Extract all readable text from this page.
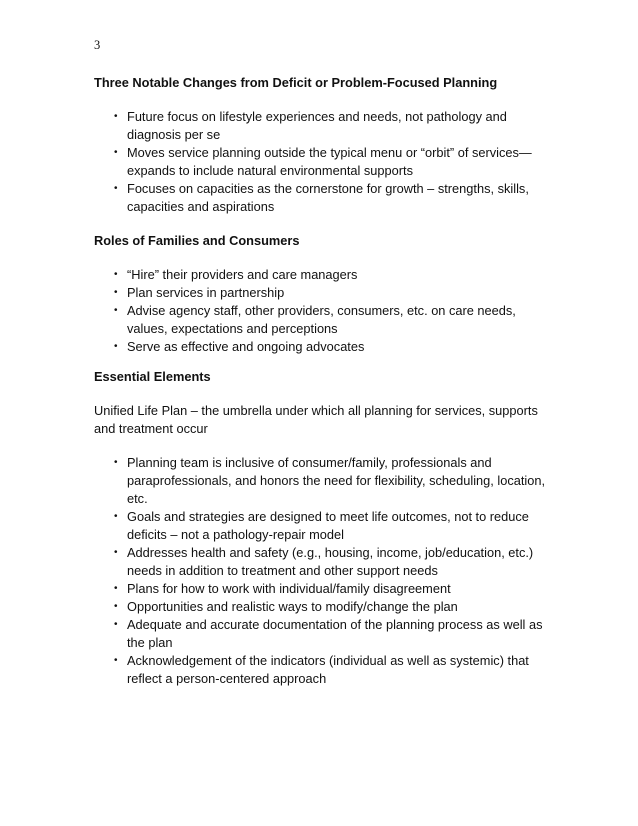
3
Three Notable Changes from Deficit or Problem-Focused Planning
• Future focus on lifestyle experiences and needs, not pathology and diagnosis per se
• Moves service planning outside the typical menu or “orbit” of services—expands to include natural environmental supports
• Focuses on capacities as the cornerstone for growth – strengths, skills, capacities and aspirations
Roles of Families and Consumers
• “Hire” their providers and care managers
• Plan services in partnership
• Advise agency staff, other providers, consumers, etc. on care needs, values, expectations and perceptions
• Serve as effective and ongoing advocates
Essential Elements

Unified Life Plan – the umbrella under which all planning for services, supports and treatment occur

• Planning team is inclusive of consumer/family, professionals and paraprofessionals, and honors the need for flexibility, scheduling, location, etc.
• Goals and strategies are designed to meet life outcomes, not to reduce deficits – not a pathology-repair model
• Addresses health and safety (e.g., housing, income, job/education, etc.) needs in addition to treatment and other support needs
• Plans for how to work with individual/family disagreement
• Opportunities and realistic ways to modify/change the plan
• Adequate and accurate documentation of the planning process as well as the plan
• Acknowledgement of the indicators (individual as well as systemic) that reflect a person-centered approach
